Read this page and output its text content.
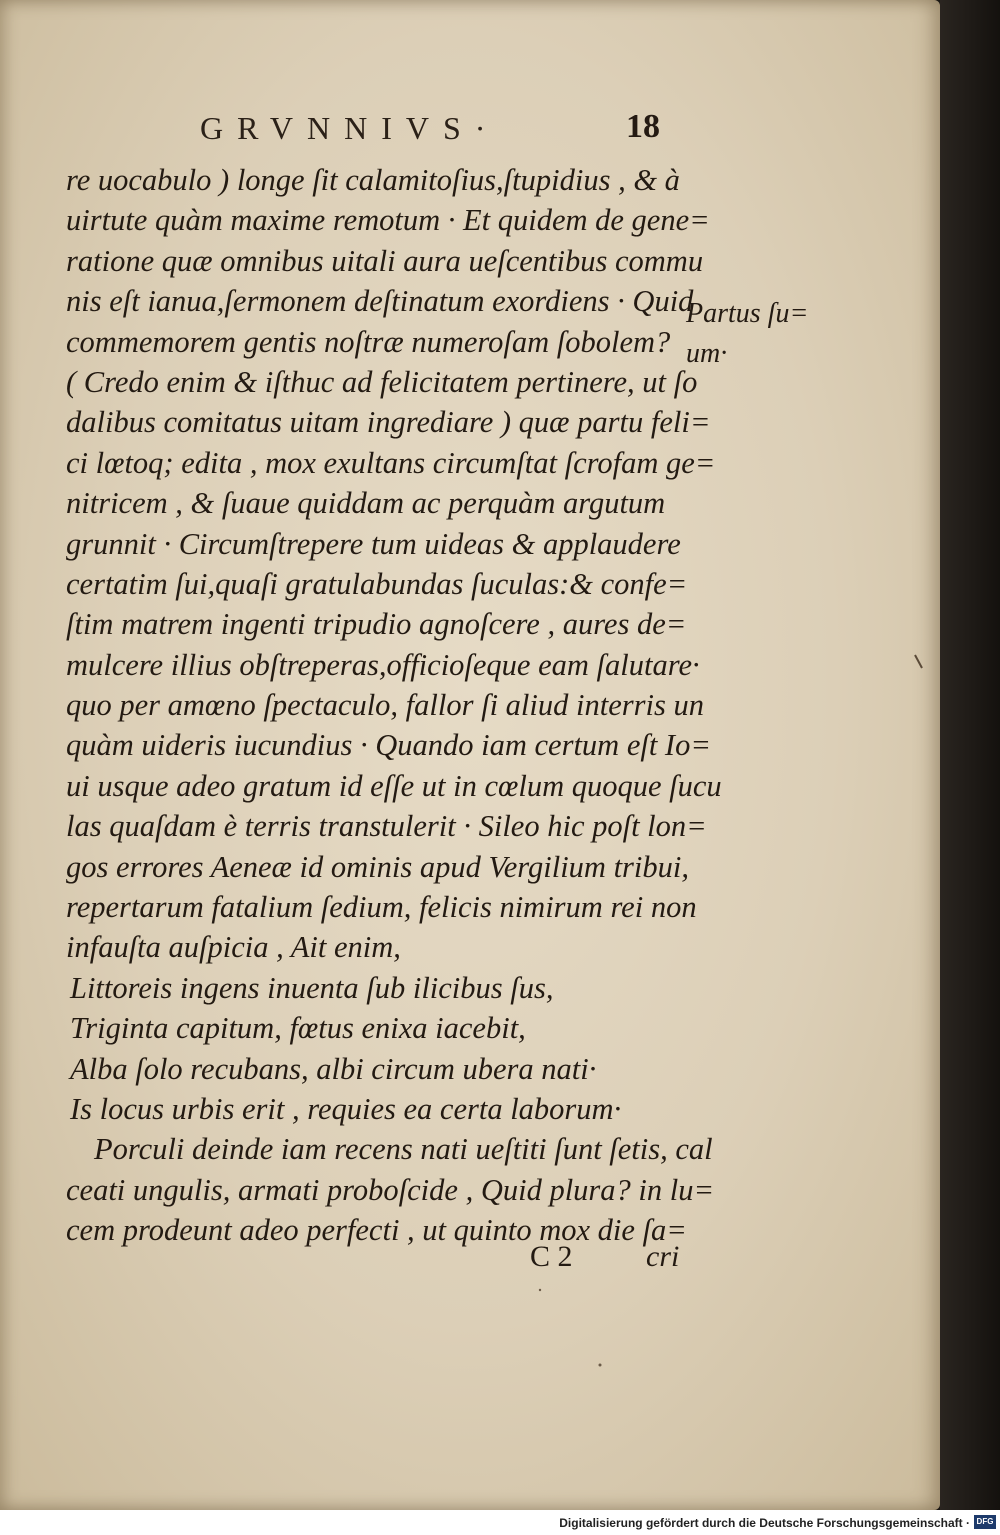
GRVNNIVS·	18
Partus ſu=
um·
re uocabulo ) longe ſit calamitoſius,ſtupidius , & à
uirtute quàm maxime remotum · Et quidem de gene=
ratione quæ omnibus uitali aura ueſcentibus commu
nis eſt ianua,ſermonem deſtinatum exordiens · Quid
commemorem gentis noſtræ numeroſam ſobolem?
( Credo enim & iſthuc ad felicitatem pertinere, ut ſo
dalibus comitatus uitam ingrediare ) quæ partu feli=
ci lœtoq; edita , mox exultans circumſtat ſcrofam ge=
nitricem , & ſuaue quiddam ac perquàm argutum
grunnit · Circumſtrepere tum uideas & applaudere
certatim ſui,quaſi gratulabundas ſuculas:& confe=
ſtim matrem ingenti tripudio agnoſcere , aures de=
mulcere illius obſtreperas,officioſeque eam ſalutare·
quo per amœno ſpectaculo, fallor ſi aliud interris un
quàm uideris iucundius · Quando iam certum eſt Io=
ui usque adeo gratum id eſſe ut in cœlum quoque ſucu
las quaſdam è terris transtulerit · Sileo hic poſt lon=
gos errores Aeneæ id ominis apud Vergilium tribui,
repertarum fatalium ſedium, felicis nimirum rei non
infauſta auſpicia , Ait enim,
Littoreis ingens inuenta ſub ilicibus ſus,
Triginta capitum, fœtus enixa iacebit,
Alba ſolo recubans, albi circum ubera nati·
Is locus urbis erit , requies ea certa laborum·
Porculi deinde iam recens nati ueſtiti ſunt ſetis, cal
ceati ungulis, armati proboſcide , Quid plura? in lu=
cem prodeunt adeo perfecti , ut quinto mox die ſa=
C 2 cri
Digitalisierung gefördert durch die Deutsche Forschungsgemeinschaft · DFG
